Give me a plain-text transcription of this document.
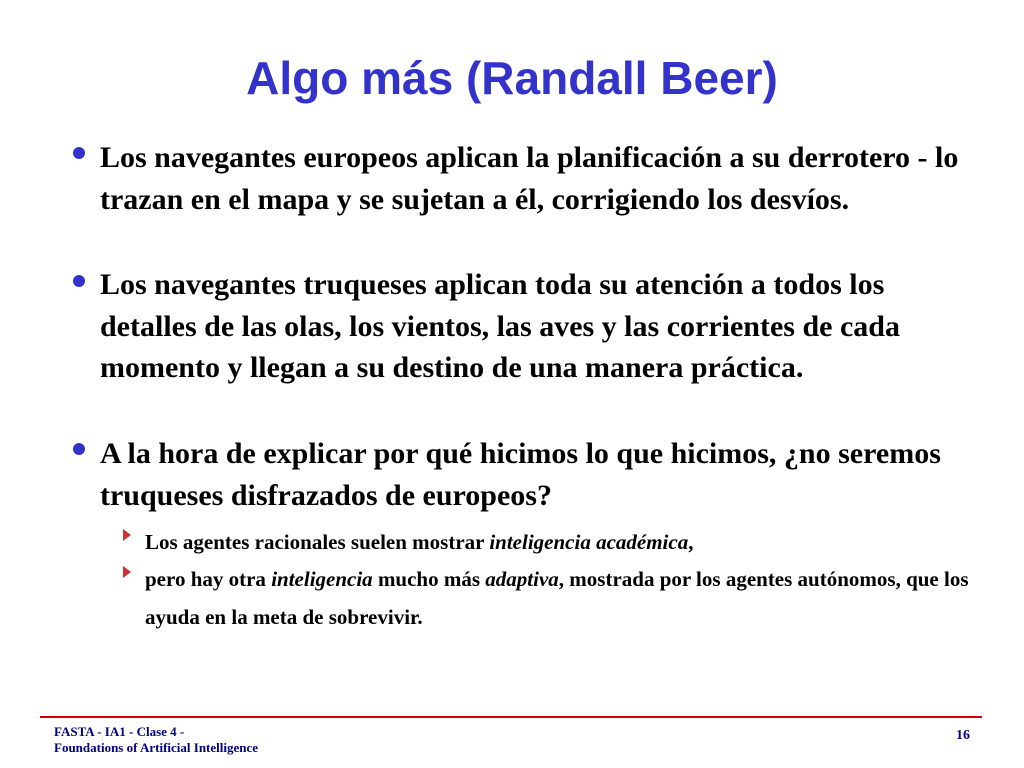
Algo más (Randall Beer)
Los navegantes europeos aplican la planificación a su derrotero - lo trazan en el mapa y se sujetan a él, corrigiendo los desvíos.
Los navegantes truqueses aplican toda su atención a todos los detalles de las olas, los vientos, las aves y las corrientes de cada momento y llegan a su destino de una manera práctica.
A la hora de explicar por qué hicimos lo que hicimos, ¿no seremos truqueses disfrazados de europeos?
Los agentes racionales suelen mostrar inteligencia académica,
pero hay otra inteligencia mucho más adaptiva, mostrada por los agentes autónomos, que los ayuda en la meta de sobrevivir.
FASTA - IA1 - Clase 4 -
Foundations of Artificial Intelligence
16
